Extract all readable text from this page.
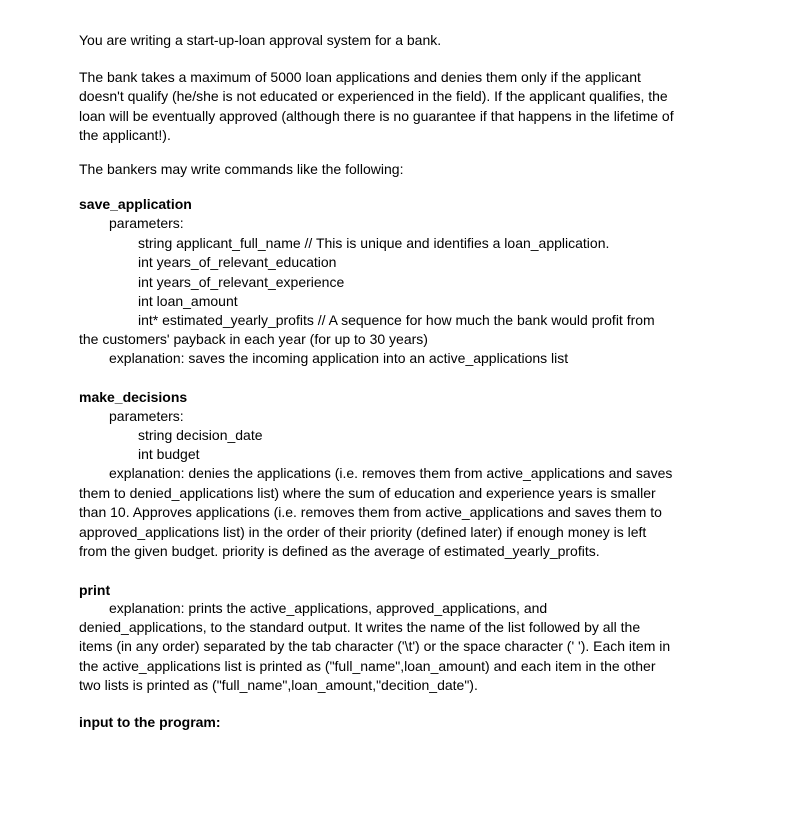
You are writing a start-up-loan approval system for a bank.

The bank takes a maximum of 5000 loan applications and denies them only if the applicant
doesn't qualify (he/she is not educated or experienced in the field). If the applicant qualifies, the
loan will be eventually approved (although there is no guarantee if that happens in the lifetime of
the applicant!).

The bankers may write commands like the following:

save_application

parameters:

string applicant_full_name // This is unique and identifies a loan_application.
int years_of_relevant_education
int years_of_relevant_experience
int loan_amount
int* estimated_yearly_profits // A sequence for how much the bank would profit from

the customers' payback in each year (for up to 30 years)

explanation: saves the incoming application into an active_applications list

make_decisions

parameters:

string decision_date
int budget

explanation: denies the applications (i.e. removes them from active_applications and saves

them to denied_applications list) where the sum of education and experience years is smaller
than 10. Approves applications (i.e. removes them from active_applications and saves them to
approved_applications list) in the order of their priority (defined later) if enough money is left
from the given budget. priority is defined as the average of estimated_yearly_profits.

print

explanation: prints the active_applications, approved_applications, and

denied_applications, to the standard output. It writes the name of the list followed by all the
items (in any order) separated by the tab character ('\t') or the space character (' '). Each item in
the active_applications list is printed as ("full_name",loan_amount) and each item in the other
two lists is printed as ("full_name",loan_amount,"decition_date").

input to the program:
